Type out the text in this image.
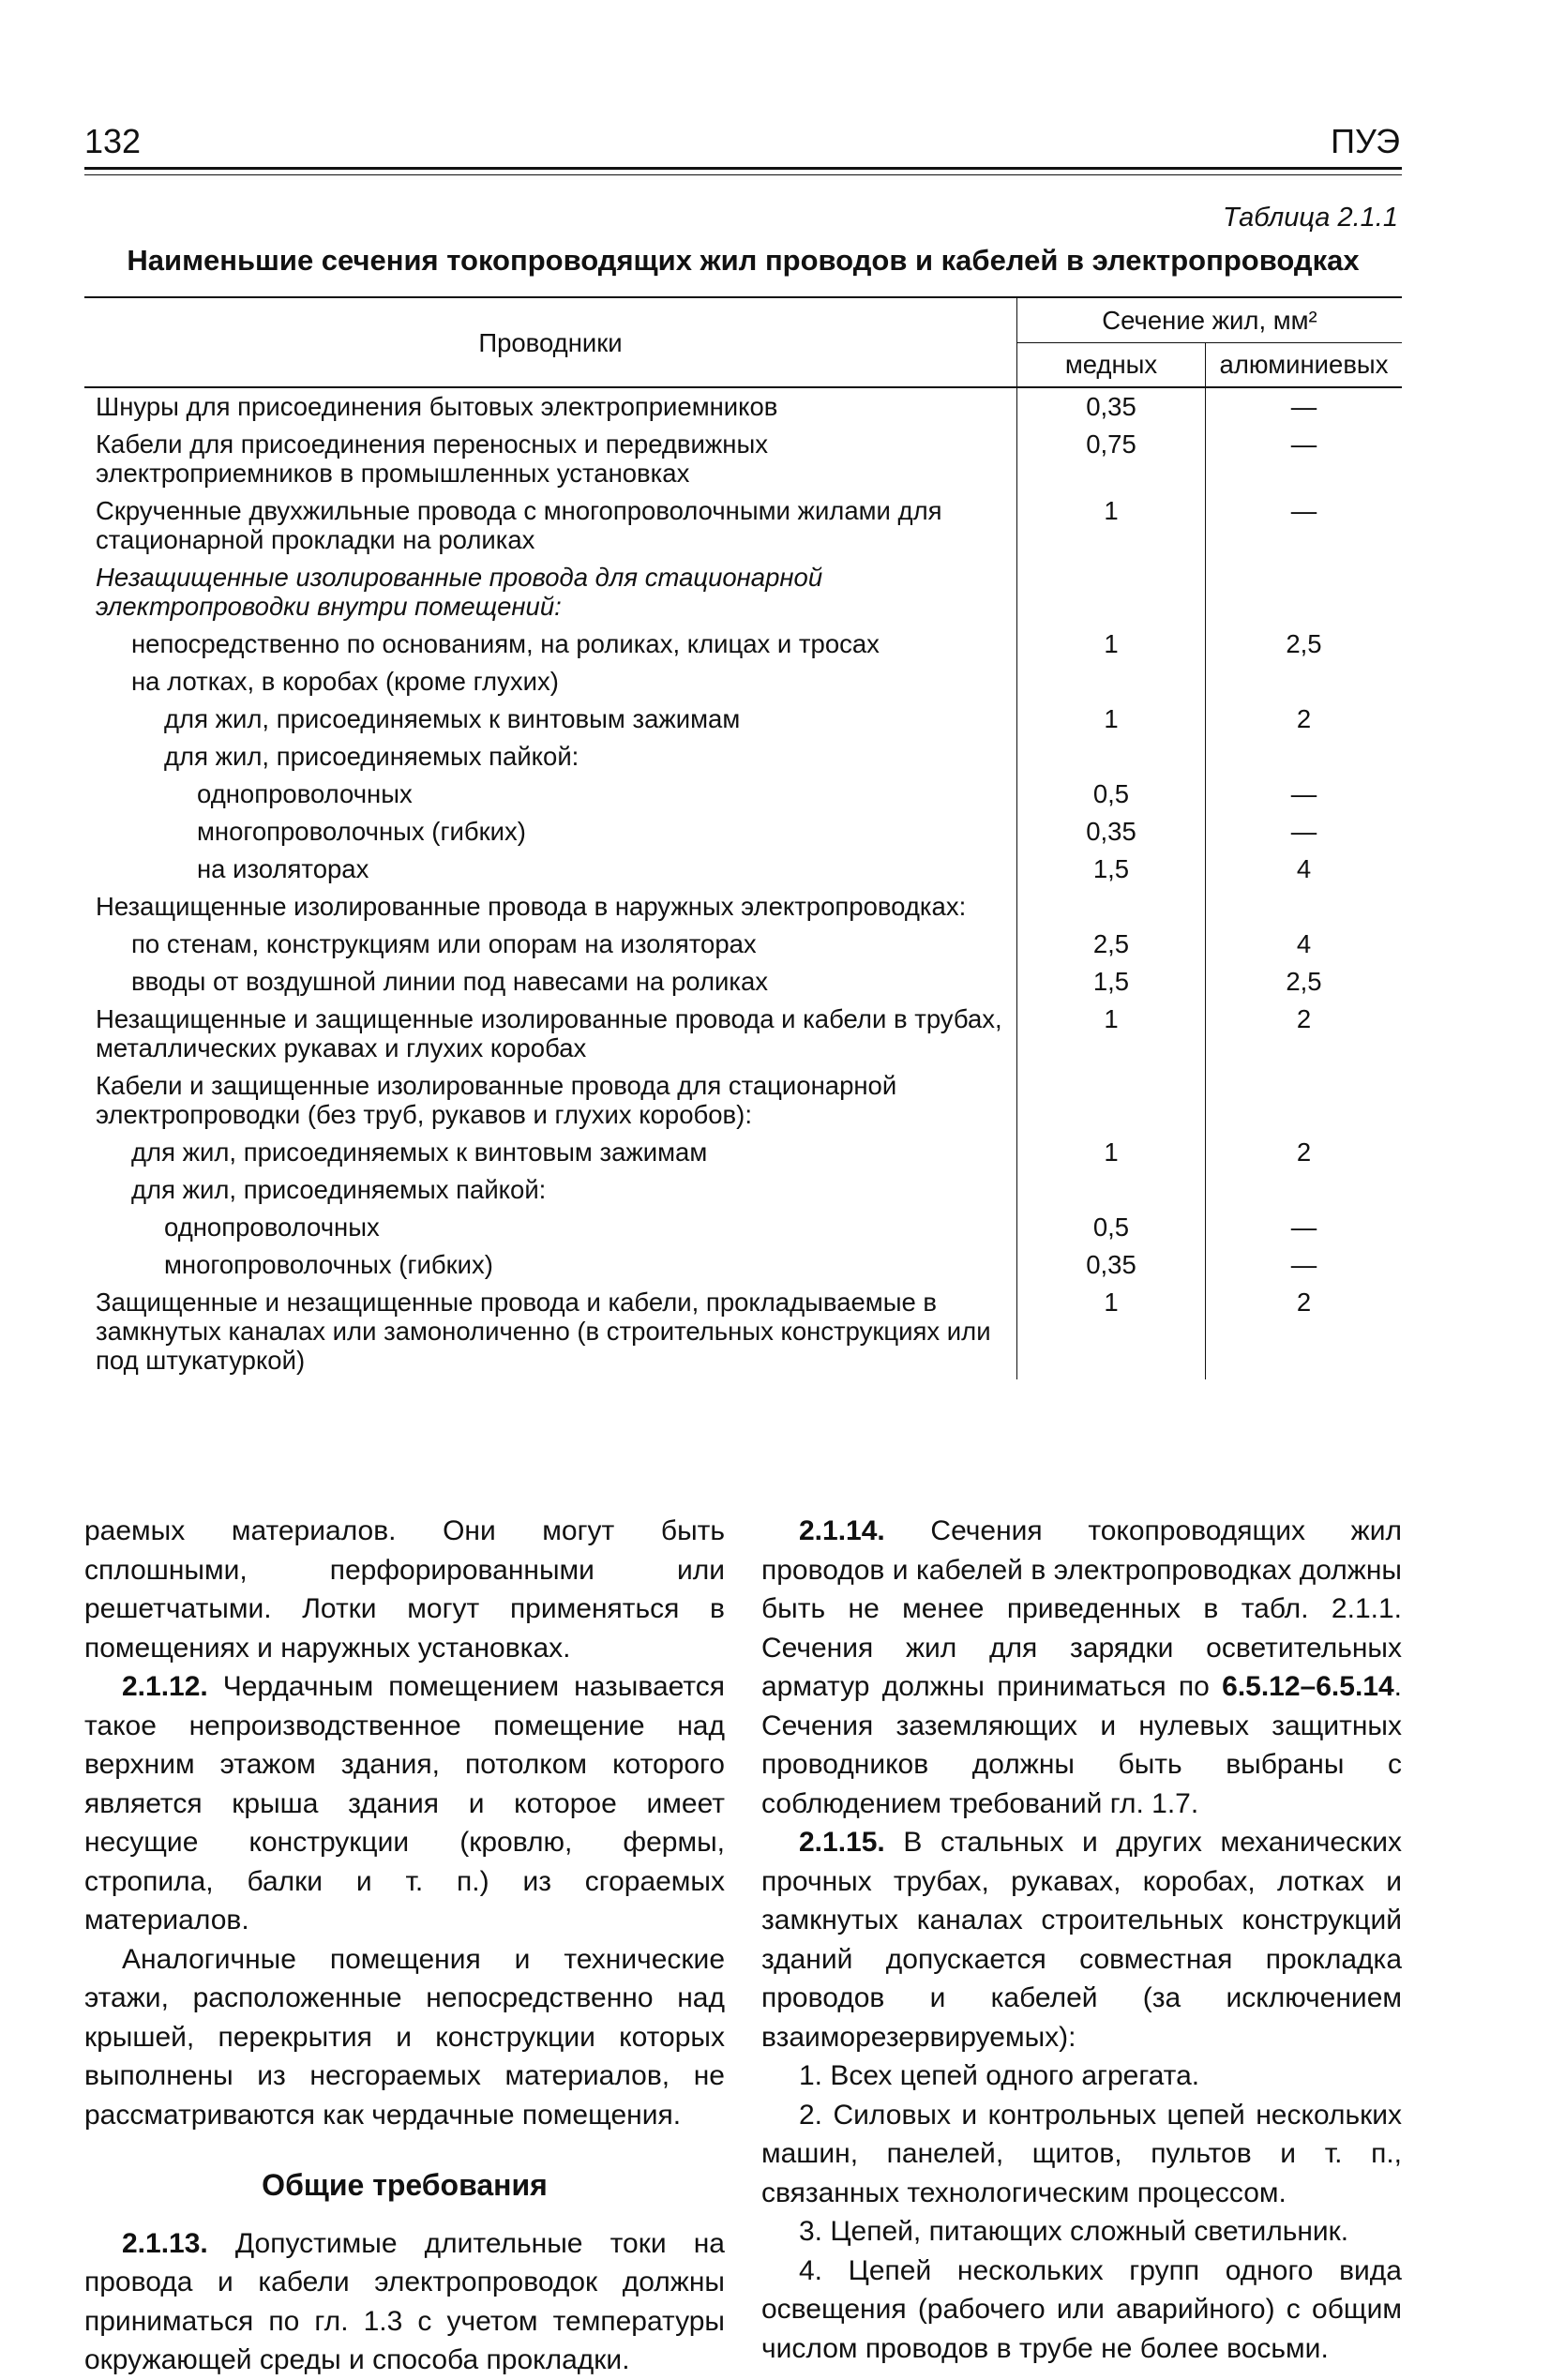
132	ПУЭ
Таблица 2.1.1
Наименьшие сечения токопроводящих жил проводов и кабелей в электропроводках
Проводники	Сечение жил, мм²	
	медных	алюминиевых
Шнуры для присоединения бытовых электроприемников	0,35	—
Кабели для присоединения переносных и передвижных электроприемников в промышленных установках	0,75	—
Скрученные двухжильные провода с многопроволочными жилами для стационарной прокладки на роликах	1	—
Незащищенные изолированные провода для стационарной электропроводки внутри помещений:		
непосредственно по основаниям, на роликах, клицах и тросах	1	2,5
на лотках, в коробах (кроме глухих)		
для жил, присоединяемых к винтовым зажимам	1	2
для жил, присоединяемых пайкой:		
однопроволочных	0,5	—
многопроволочных (гибких)	0,35	—
на изоляторах	1,5	4
Незащищенные изолированные провода в наружных электропроводках:		
по стенам, конструкциям или опорам на изоляторах	2,5	4
вводы от воздушной линии под навесами на роликах	1,5	2,5
Незащищенные и защищенные изолированные провода и кабели в трубах, металлических рукавах и глухих коробах	1	2
Кабели и защищенные изолированные провода для стационарной электропроводки (без труб, рукавов и глухих коробов):		
для жил, присоединяемых к винтовым зажимам	1	2
для жил, присоединяемых пайкой:		
однопроволочных	0,5	—
многопроволочных (гибких)	0,35	—
Защищенные и незащищенные провода и кабели, прокладываемые в замкнутых каналах или замоноличенно (в строительных конструкциях или под штукатуркой)	1	2

раемых материалов. Они могут быть сплошными, перфорированными или решетчатыми. Лотки могут применяться в помещениях и наружных установках.

2.1.12. Чердачным помещением называется такое непроизводственное помещение над верхним этажом здания, потолком которого является крыша здания и которое имеет несущие конструкции (кровлю, фермы, стропила, балки и т. п.) из сгораемых материалов.

Аналогичные помещения и технические этажи, расположенные непосредственно над крышей, перекрытия и конструкции которых выполнены из несгораемых материалов, не рассматриваются как чердачные помещения.

Общие требования

2.1.13. Допустимые длительные токи на провода и кабели электропроводок должны приниматься по гл. 1.3 с учетом температуры окружающей среды и способа прокладки.

2.1.14. Сечения токопроводящих жил проводов и кабелей в электропроводках должны быть не менее приведенных в табл. 2.1.1. Сечения жил для зарядки осветительных арматур должны приниматься по 6.5.12–6.5.14. Сечения заземляющих и нулевых защитных проводников должны быть выбраны с соблюдением требований гл. 1.7.

2.1.15. В стальных и других механических прочных трубах, рукавах, коробах, лотках и замкнутых каналах строительных конструкций зданий допускается совместная прокладка проводов и кабелей (за исключением взаиморезервируемых):

1. Всех цепей одного агрегата.

2. Силовых и контрольных цепей нескольких машин, панелей, щитов, пультов и т. п., связанных технологическим процессом.

3. Цепей, питающих сложный светильник.

4. Цепей нескольких групп одного вида освещения (рабочего или аварийного) с общим числом проводов в трубе не более восьми.
